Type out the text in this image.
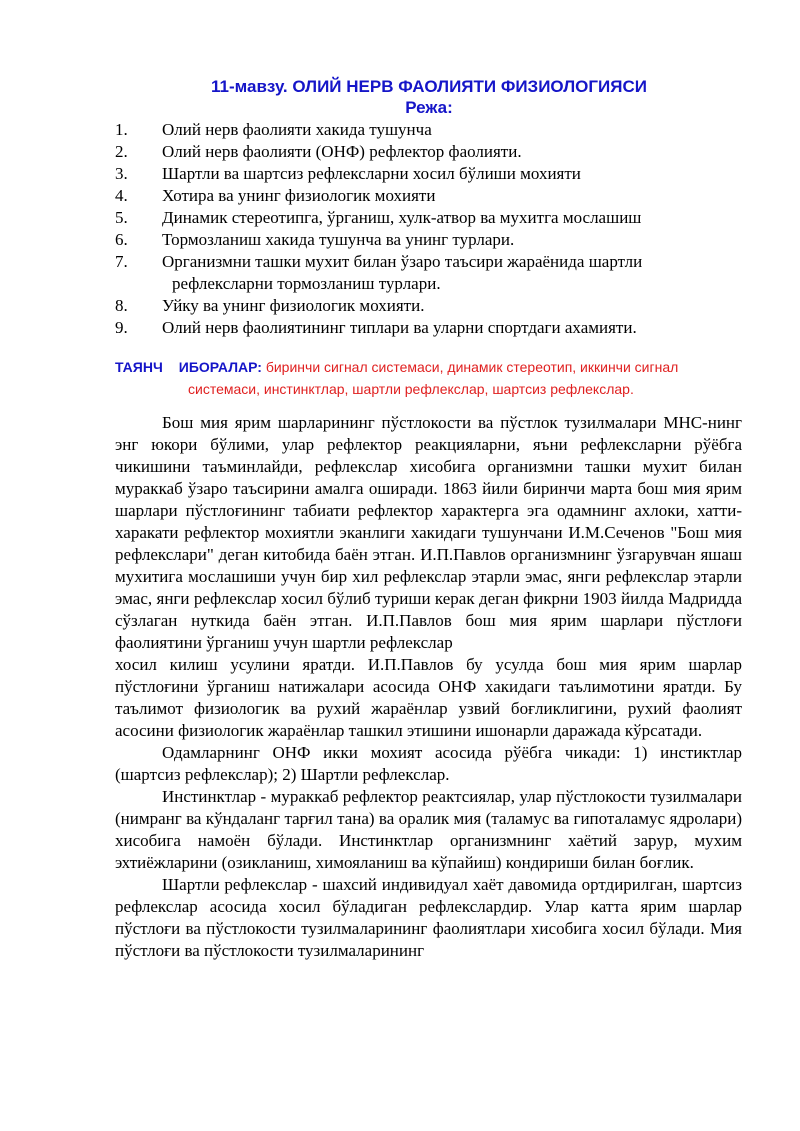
11-мавзу. ОЛИЙ НЕРВ ФАОЛИЯТИ ФИЗИОЛОГИЯСИ
Режа:
1.	Олий нерв фаолияти хакида тушунча
2.	Олий нерв фаолияти (ОНФ) рефлектор фаолияти.
3.	Шартли ва шартсиз рефлексларни хосил бўлиши мохияти
4.	Хотира ва унинг физиологик мохияти
5.	Динамик стереотипга, ўрганиш, хулк-атвор ва мухитга мослашиш
6.	Тормозланиш хакида тушунча ва унинг турлари.
7.	Организмни ташки мухит билан ўзаро таъсири жараёнида шартли
рефлексларни тормозланиш турлари.
8.	Уйку ва унинг физиологик мохияти.
9.	Олий нерв фаолиятининг типлари ва уларни спортдаги ахамияти.
ТАЯНЧ ИБОРАЛАР: биринчи сигнал системаси, динамик стереотип, иккинчи сигнал
системаси, инстинктлар, шартли рефлекслар, шартсиз рефлекслар.

Бош мия ярим шарларининг пўстлокости ва пўстлок тузилмалари МНС-нинг энг юкори бўлими, улар рефлектор реакцияларни, яъни рефлексларни рўёбга чикишини таъминлайди, рефлекслар хисобига организмни ташки мухит билан мураккаб ўзаро таъсирини амалга оширади. 1863 йили биринчи марта бош мия ярим шарлари пўстлоғининг табиати рефлектор характерга эга одамнинг ахлоки, хатти-харакати рефлектор мохиятли эканлиги хакидаги тушунчани И.М.Сеченов "Бош мия рефлекслари" деган китобида баён этган. И.П.Павлов организмнинг ўзгарувчан яшаш мухитига мослашиши учун бир хил рефлекслар этарли эмас, янги рефлекслар этарли эмас, янги рефлекслар хосил бўлиб туриши керак деган фикрни 1903 йилда Мадридда сўзлаган нуткида баён этган. И.П.Павлов бош мия ярим шарлари пўстлоғи фаолиятини ўрганиш учун шартли рефлекслар

хосил килиш усулини яратди. И.П.Павлов бу усулда бош мия ярим шарлар пўстлоғини ўрганиш натижалари асосида ОНФ хакидаги таълимотини яратди. Бу таълимот физиологик ва рухий жараёнлар узвий боғликлигини, рухий фаолият асосини физиологик жараёнлар ташкил этишини ишонарли даражада кўрсатади.

Одамларнинг ОНФ икки мохият асосида рўёбга чикади: 1) инстиктлар (шартсиз рефлекслар); 2) Шартли рефлекслар.

Инстинктлар - мураккаб рефлектор реактсиялар, улар пўстлокости тузилмалари (нимранг ва кўндаланг тарғил тана) ва оралик мия (таламус ва гипоталамус ядролари) хисобига намоён бўлади. Инстинктлар организмнинг хаётий зарур, мухим эхтиёжларини (озикланиш, химояланиш ва кўпайиш) кондириши билан боғлик.

Шартли рефлекслар - шахсий индивидуал хаёт давомида ортдирилган, шартсиз рефлекслар асосида хосил бўладиган рефлекслардир. Улар катта ярим шарлар пўстлоғи ва пўстлокости тузилмаларининг фаолиятлари хисобига хосил бўлади. Мия пўстлоғи ва пўстлокости тузилмаларининг
